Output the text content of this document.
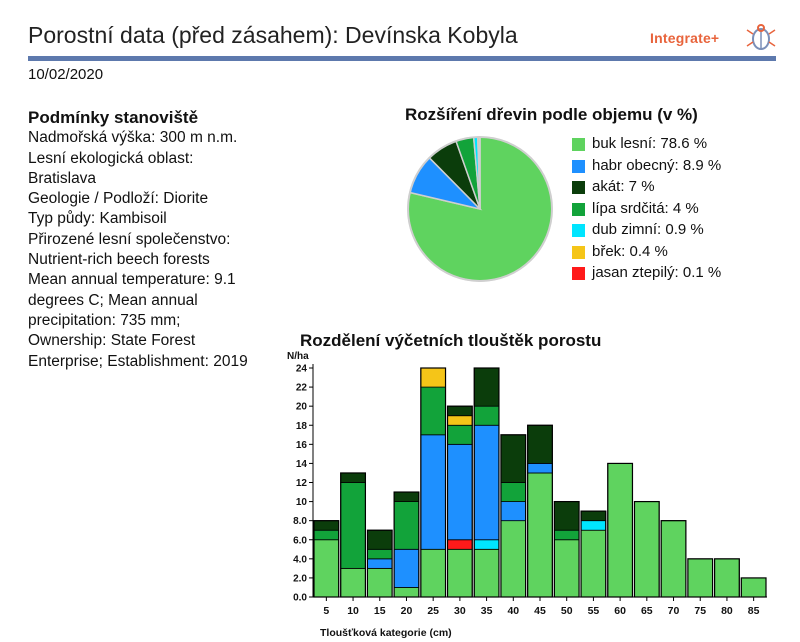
Porostní data (před zásahem): Devínska Kobyla	Integrate+
10/02/2020
Podmínky stanoviště
Nadmořská výška: 300 m n.m.
Lesní ekologická oblast:
Bratislava
Geologie / Podloží: Diorite
Typ půdy: Kambisoil
Přirozené lesní společenstvo:
Nutrient-rich beech forests
Mean annual temperature: 9.1
degrees C; Mean annual
precipitation: 735 mm;
Ownership: State Forest
Enterprise; Establishment: 2019
Rozšíření dřevin podle objemu (v %)
buk lesní: 78.6 %
habr obecný: 8.9 %
akát: 7 %
lípa srdčitá: 4 %
dub zimní: 0.9 %
břek: 0.4 %
jasan ztepilý: 0.1 %
Rozdělení výčetních tlouštěk porostu
0.0
2.0
4.0
6.0
8.0
10
12
14
16
18
20
22
24
N/ha
5 10 15 20 25 30 35 40 45 50 55 60 65 70 75 80 85
Tloušťková kategorie (cm)
